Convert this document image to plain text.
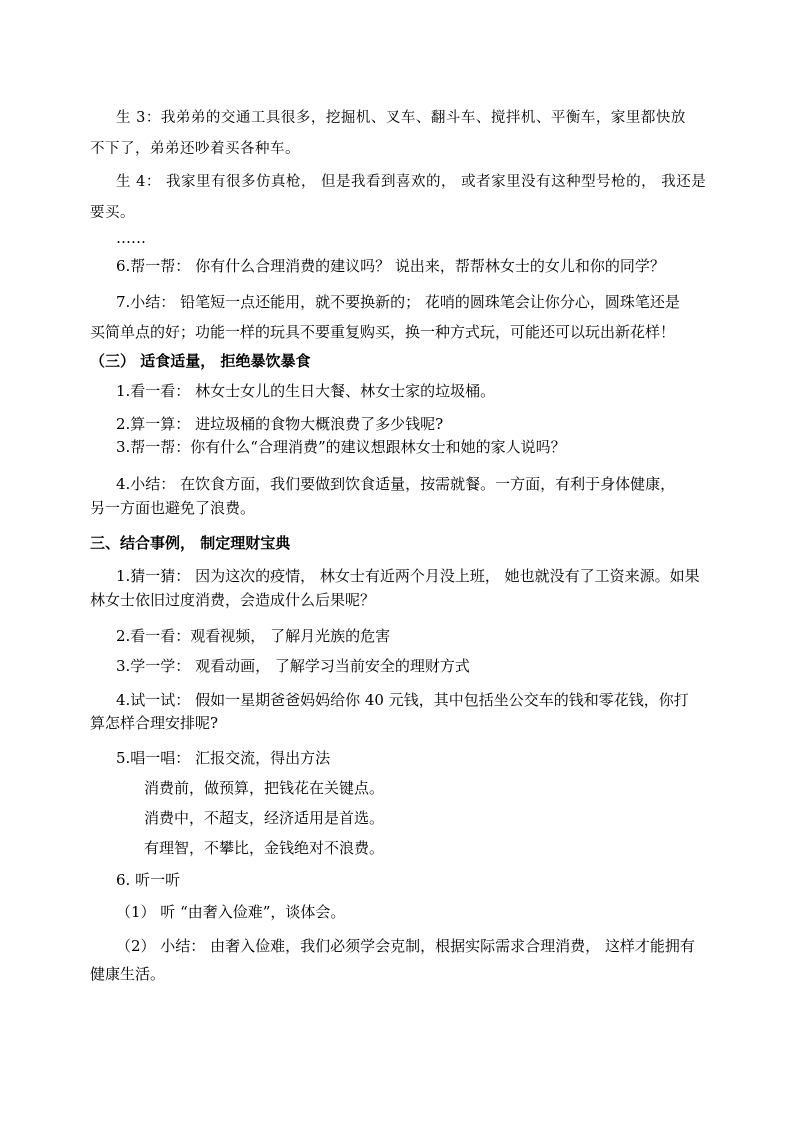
生 3：我弟弟的交通工具很多，挖掘机、叉车、翻斗车、搅拌机、平衡车，家里都快放
不下了，弟弟还吵着买各种车。
生 4： 我家里有很多仿真枪， 但是我看到喜欢的， 或者家里没有这种型号枪的， 我还是
要买。
……
6.帮一帮： 你有什么合理消费的建议吗？ 说出来，帮帮林女士的女儿和你的同学？
7.小结： 铅笔短一点还能用，就不要换新的； 花哨的圆珠笔会让你分心，圆珠笔还是
买简单点的好；功能一样的玩具不要重复购买，换一种方式玩，可能还可以玩出新花样！
（三） 适食适量， 拒绝暴饮暴食
1.看一看： 林女士女儿的生日大餐、林女士家的垃圾桶。
2.算一算： 进垃圾桶的食物大概浪费了多少钱呢?
3.帮一帮：你有什么“合理消费”的建议想跟林女士和她的家人说吗？
4.小结： 在饮食方面，我们要做到饮食适量，按需就餐。一方面，有利于身体健康，
另一方面也避免了浪费。
三、结合事例， 制定理财宝典
1.猜一猜： 因为这次的疫情， 林女士有近两个月没上班， 她也就没有了工资来源。如果
林女士依旧过度消费，会造成什么后果呢？
2.看一看：观看视频， 了解月光族的危害
3.学一学： 观看动画， 了解学习当前安全的理财方式
4.试一试： 假如一星期爸爸妈妈给你 40 元钱，其中包括坐公交车的钱和零花钱，你打
算怎样合理安排呢?
5.唱一唱： 汇报交流，得出方法
消费前，做预算，把钱花在关键点。
消费中，不超支，经济适用是首选。
有理智，不攀比，金钱绝对不浪费。
6. 听一听
（1） 听 “由奢入俭难”，谈体会。
（2） 小结： 由奢入俭难，我们必须学会克制，根据实际需求合理消费， 这样才能拥有
健康生活。
